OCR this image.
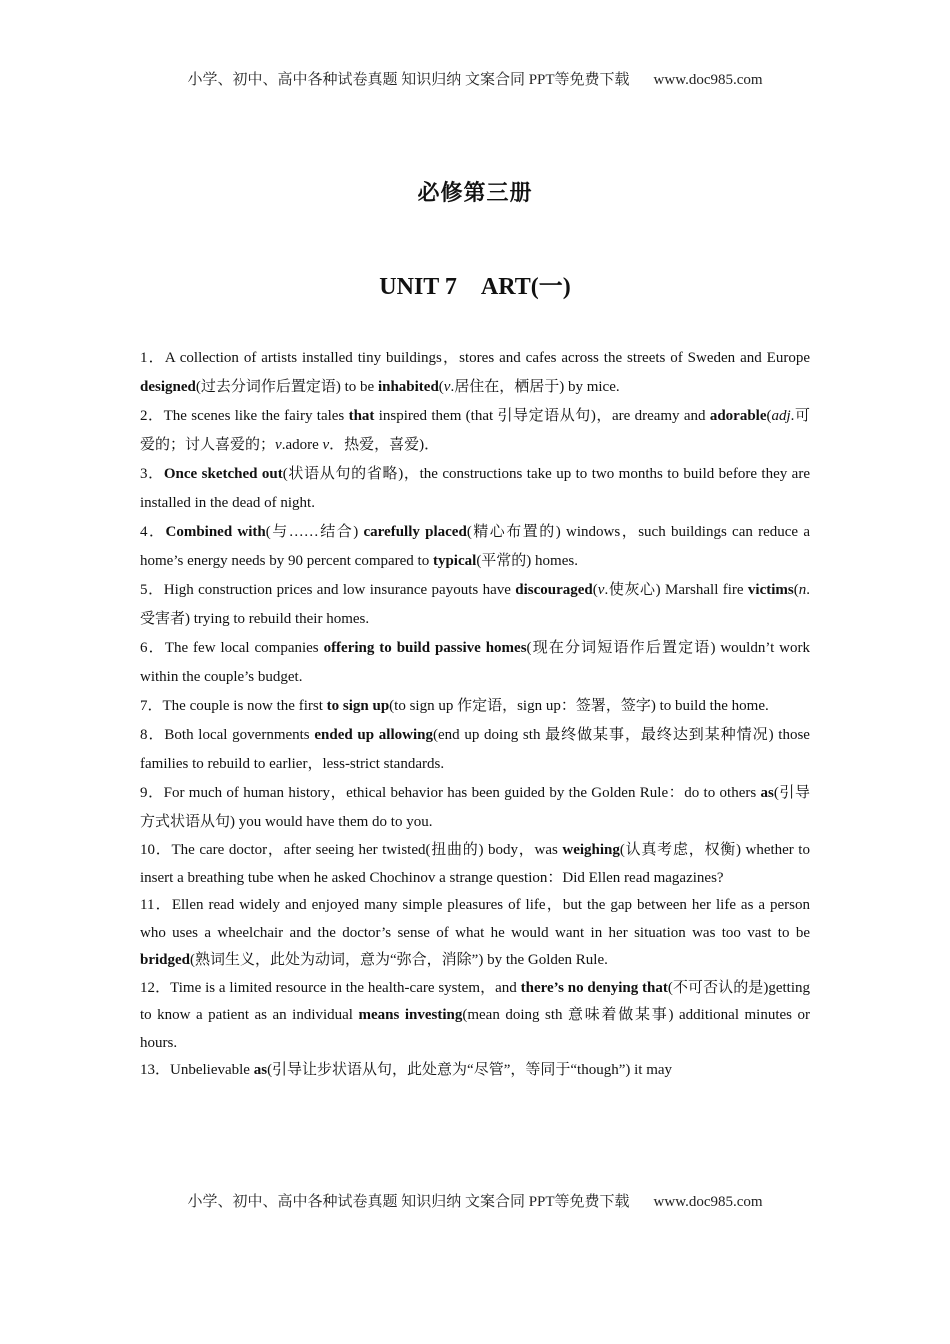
小学、初中、高中各种试卷真题 知识归纳 文案合同 PPT等免费下载 www.doc985.com
必修第三册
UNIT 7 ART(一)

1．A collection of artists installed tiny buildings，stores and cafes across the streets of Sweden and Europe designed(过去分词作后置定语) to be inhabited(v.居住在，栖居于) by mice.

2．The scenes like the fairy tales that inspired them (that 引导定语从句)，are dreamy and adorable(adj.可爱的；讨人喜爱的；v.adore v．热爱，喜爱)．

3．Once sketched out(状语从句的省略)，the constructions take up to two months to build before they are installed in the dead of night.

4．Combined with(与……结合) carefully placed(精心布置的) windows，such buildings can reduce a home’s energy needs by 90 percent compared to typical(平常的) homes.

5．High construction prices and low insurance payouts have discouraged(v.使灰心) Marshall fire victims(n.受害者) trying to rebuild their homes.

6．The few local companies offering to build passive homes(现在分词短语作后置定语) wouldn’t work within the couple’s budget.

7．The couple is now the first to sign up(to sign up 作定语，sign up：签署，签字) to build the home.

8．Both local governments ended up allowing(end up doing sth 最终做某事，最终达到某种情况) those families to rebuild to earlier，less-strict standards.

9．For much of human history，ethical behavior has been guided by the Golden Rule：do to others as(引导方式状语从句) you would have them do to you.

10．The care doctor，after seeing her twisted(扭曲的) body，was weighing(认真考虑，权衡) whether to insert a breathing tube when he asked Chochinov a strange question：Did Ellen read magazines?

11．Ellen read widely and enjoyed many simple pleasures of life，but the gap between her life as a person who uses a wheelchair and the doctor’s sense of what he would want in her situation was too vast to be bridged(熟词生义，此处为动词，意为“弥合，消除”) by the Golden Rule.

12．Time is a limited resource in the health-care system，and there’s no denying that(不可否认的是)getting to know a patient as an individual means investing(mean doing sth 意味着做某事) additional minutes or hours.

13．Unbelievable as(引导让步状语从句，此处意为“尽管”，等同于“though”) it may

小学、初中、高中各种试卷真题 知识归纳 文案合同 PPT等免费下载 www.doc985.com
